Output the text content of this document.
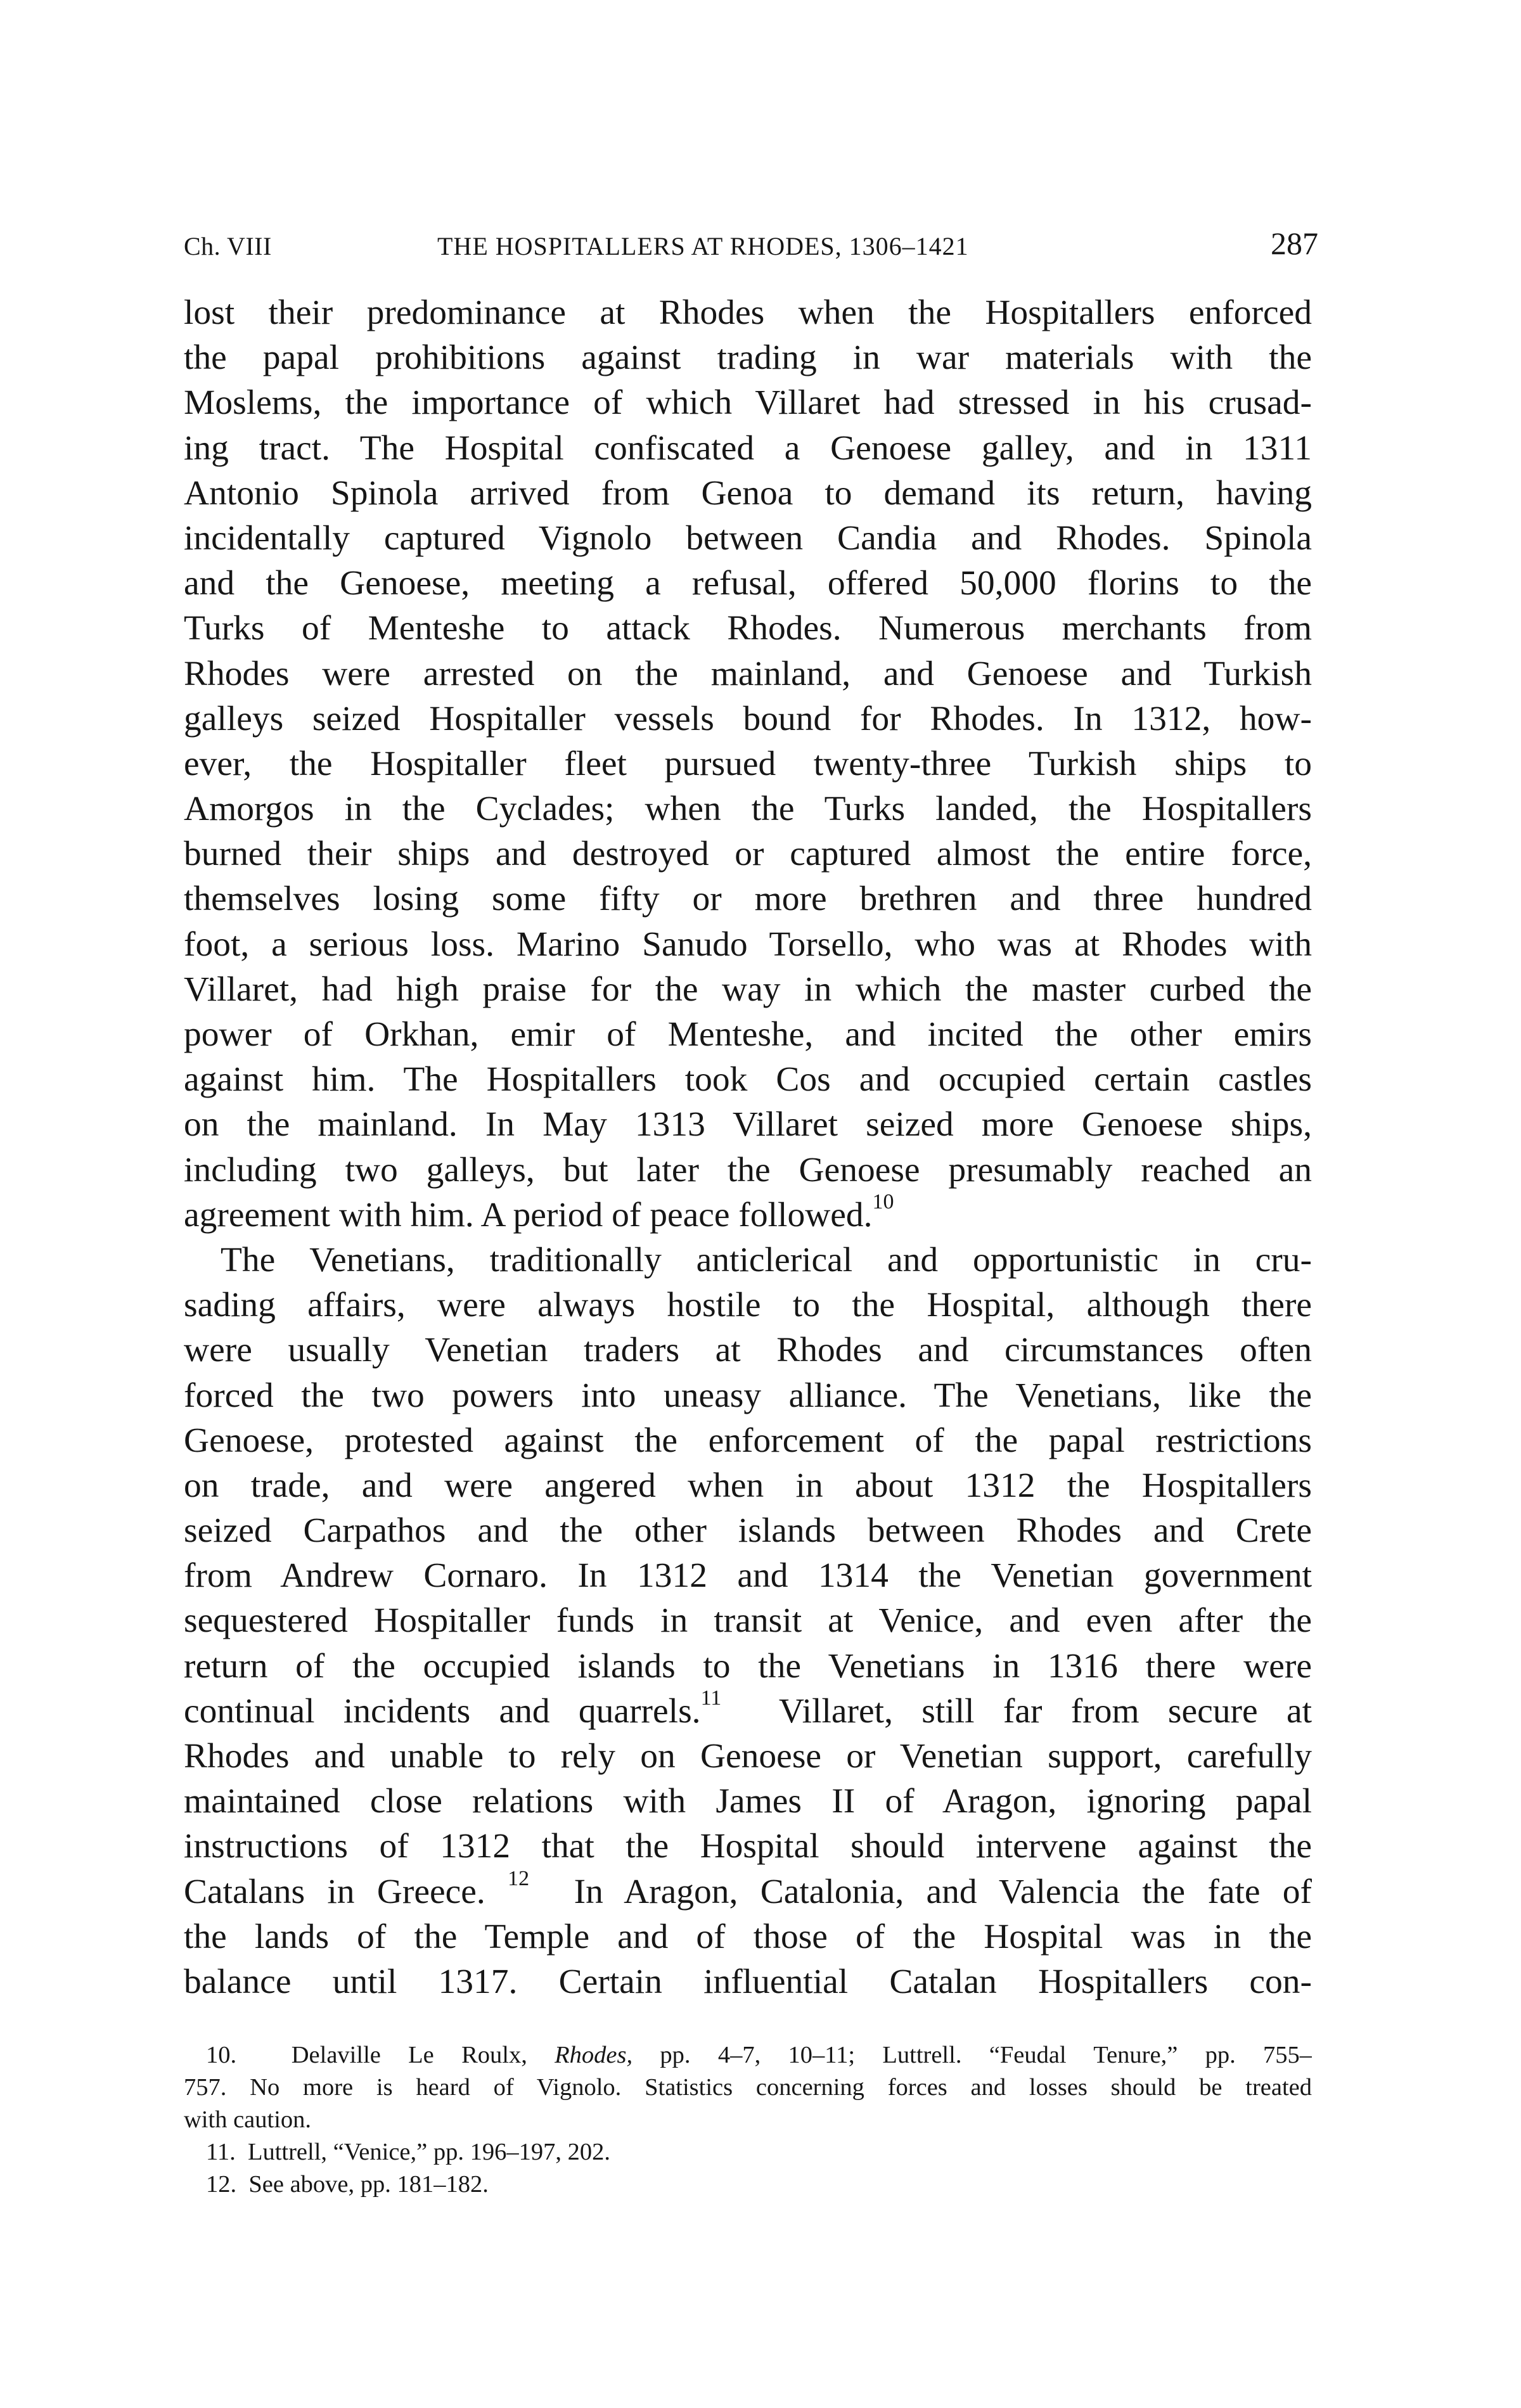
Ch. VIII	THE HOSPITALLERS AT RHODES, 1306–1421	287
lost their predominance at Rhodes when the Hospitallers enforced
the papal prohibitions against trading in war materials with the
Moslems, the importance of which Villaret had stressed in his crusad-
ing tract. The Hospital confiscated a Genoese galley, and in 1311
Antonio Spinola arrived from Genoa to demand its return, having
incidentally captured Vignolo between Candia and Rhodes. Spinola
and the Genoese, meeting a refusal, offered 50,000 florins to the
Turks of Menteshe to attack Rhodes. Numerous merchants from
Rhodes were arrested on the mainland, and Genoese and Turkish
galleys seized Hospitaller vessels bound for Rhodes. In 1312, how-
ever, the Hospitaller fleet pursued twenty-three Turkish ships to
Amorgos in the Cyclades; when the Turks landed, the Hospitallers
burned their ships and destroyed or captured almost the entire force,
themselves losing some fifty or more brethren and three hundred
foot, a serious loss. Marino Sanudo Torsello, who was at Rhodes with
Villaret, had high praise for the way in which the master curbed the
power of Orkhan, emir of Menteshe, and incited the other emirs
against him. The Hospitallers took Cos and occupied certain castles
on the mainland. In May 1313 Villaret seized more Genoese ships,
including two galleys, but later the Genoese presumably reached an
agreement with him. A period of peace followed.$^{10}$
The Venetians, traditionally anticlerical and opportunistic in cru-
sading affairs, were always hostile to the Hospital, although there
were usually Venetian traders at Rhodes and circumstances often
forced the two powers into uneasy alliance. The Venetians, like the
Genoese, protested against the enforcement of the papal restrictions
on trade, and were angered when in about 1312 the Hospitallers
seized Carpathos and the other islands between Rhodes and Crete
from Andrew Cornaro. In 1312 and 1314 the Venetian government
sequestered Hospitaller funds in transit at Venice, and even after the
return of the occupied islands to the Venetians in 1316 there were
continual incidents and quarrels.$^{11}$ Villaret, still far from secure at
Rhodes and unable to rely on Genoese or Venetian support, carefully
maintained close relations with James II of Aragon, ignoring papal
instructions of 1312 that the Hospital should intervene against the
Catalans in Greece. $^{12}$ In Aragon, Catalonia, and Valencia the fate of
the lands of the Temple and of those of the Hospital was in the
balance until 1317. Certain influential Catalan Hospitallers con-
10. Delaville Le Roulx, Rhodes, pp. 4–7, 10–11; Luttrell. “Feudal Tenure,” pp. 755–
757. No more is heard of Vignolo. Statistics concerning forces and losses should be treated
with caution.
11. Luttrell, “Venice,” pp. 196–197, 202.
12. See above, pp. 181–182.
